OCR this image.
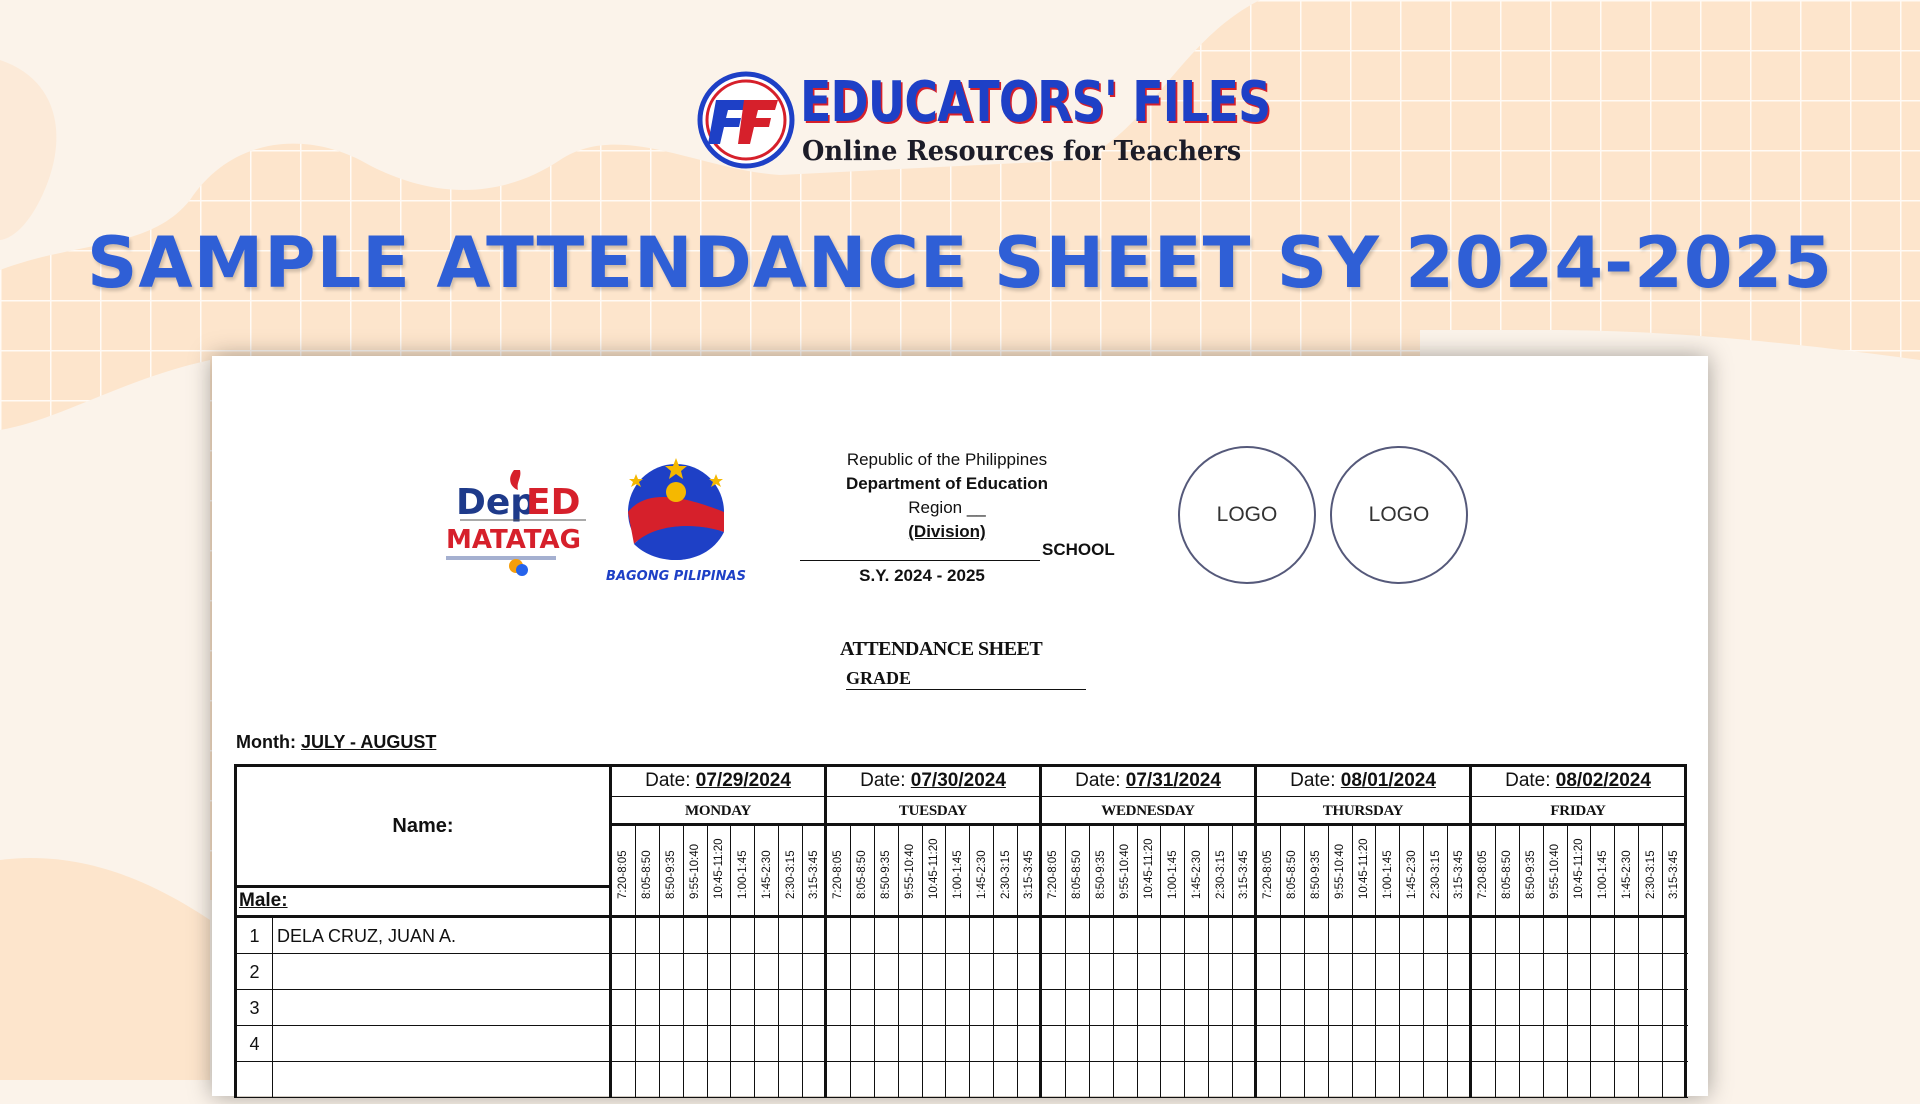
EDUCATORS' FILES
Online Resources for Teachers
SAMPLE ATTENDANCE SHEET SY 2024-2025
Dep
ED
MATATAG
BAGONG PILIPINAS
Republic of the Philippines
Department of Education
Region __
(Division)
SCHOOL
S.Y. 2024 - 2025
LOGO	LOGO
ATTENDANCE SHEET
GRADE
Month: JULY - AUGUST
Name:
Male:
Date: 07/29/2024
MONDAY
7:20-8:05 8:05-8:50 8:50-9:35 9:55-10:40 10:45-11:20 1:00-1:45 1:45-2:30 2:30-3:15 3:15-3:45
Date: 07/30/2024
TUESDAY
7:20-8:05 8:05-8:50 8:50-9:35 9:55-10:40 10:45-11:20 1:00-1:45 1:45-2:30 2:30-3:15 3:15-3:45
Date: 07/31/2024
WEDNESDAY
7:20-8:05 8:05-8:50 8:50-9:35 9:55-10:40 10:45-11:20 1:00-1:45 1:45-2:30 2:30-3:15 3:15-3:45
Date: 08/01/2024
THURSDAY
7:20-8:05 8:05-8:50 8:50-9:35 9:55-10:40 10:45-11:20 1:00-1:45 1:45-2:30 2:30-3:15 3:15-3:45
Date: 08/02/2024
FRIDAY
7:20-8:05 8:05-8:50 8:50-9:35 9:55-10:40 10:45-11:20 1:00-1:45 1:45-2:30 2:30-3:15 3:15-3:45
1 DELA CRUZ, JUAN A.
2
3
4
